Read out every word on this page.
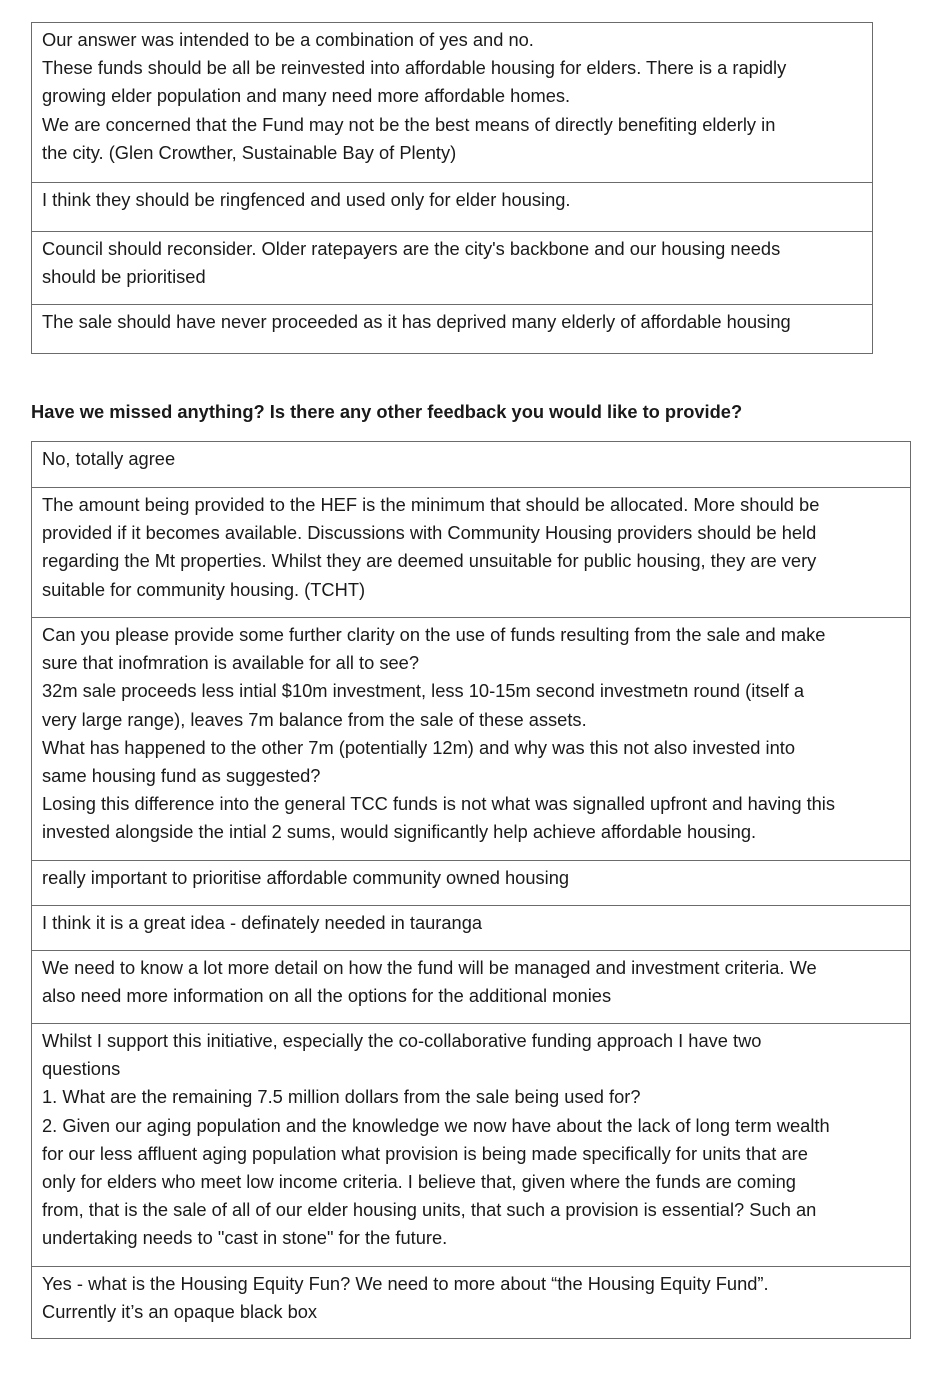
Our answer was intended to be a combination of yes and no.
These funds should be all be reinvested into affordable housing for elders. There is a rapidly
growing elder population and many need more affordable homes.
We are concerned that the Fund may not be the best means of directly benefiting elderly in
the city. (Glen Crowther, Sustainable Bay of Plenty)
I think they should be ringfenced and used only for elder housing.
Council should reconsider. Older ratepayers are the city's backbone and our housing needs
should be prioritised
The sale should have never proceeded as it has deprived many elderly of affordable housing
Have we missed anything? Is there any other feedback you would like to provide?
No, totally agree
The amount being provided to the HEF is the minimum that should be allocated. More should be
provided if it becomes available. Discussions with Community Housing providers should be held
regarding the Mt properties. Whilst they are deemed unsuitable for public housing, they are very
suitable for community housing. (TCHT)
Can you please provide some further clarity on the use of funds resulting from the sale and make
sure that inofmration is available for all to see?
32m sale proceeds less intial $10m investment, less 10-15m second investmetn round (itself a
very large range), leaves 7m balance from the sale of these assets.
What has happened to the other 7m (potentially 12m) and why was this not also invested into
same housing fund as suggested?
Losing this difference into the general TCC funds is not what was signalled upfront and having this
invested alongside the intial 2 sums, would significantly help achieve affordable housing.
really important to prioritise affordable community owned housing
I think it is a great idea - definately needed in tauranga
We need to know a lot more detail on how the fund will be managed and investment criteria. We
also need more information on all the options for the additional monies
Whilst I support this initiative, especially the co-collaborative funding approach I have two
questions
1. What are the remaining 7.5 million dollars from the sale being used for?
2. Given our aging population and the knowledge we now have about the lack of long term wealth
for our less affluent aging population what provision is being made specifically for units that are
only for elders who meet low income criteria. I believe that, given where the funds are coming
from, that is the sale of all of our elder housing units, that such a provision is essential? Such an
undertaking needs to "cast in stone" for the future.
Yes - what is the Housing Equity Fun? We need to more about “the Housing Equity Fund”.
Currently it’s an opaque black box
